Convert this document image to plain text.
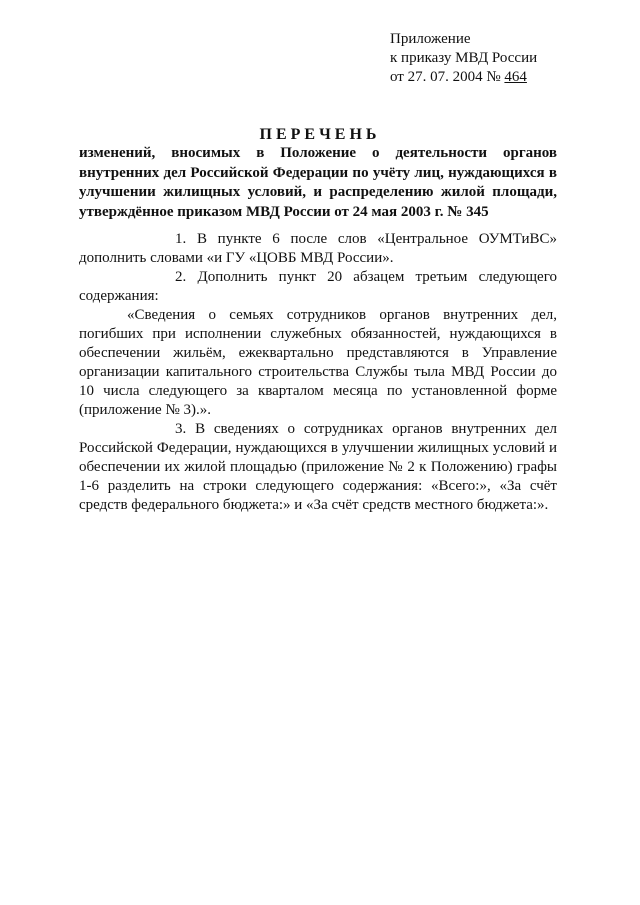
Приложение
к приказу МВД России
от 27. 07. 2004 № 464
ПЕРЕЧЕНЬ
изменений, вносимых в Положение о деятельности органов внутренних дел Российской Федерации по учёту лиц, нуждающихся в улучшении жилищных условий, и распределению жилой площади, утверждённое приказом МВД России от 24 мая 2003 г. № 345

1. В пункте 6 после слов «Центральное ОУМТиВС» дополнить словами «и ГУ «ЦОВБ МВД России».

2. Дополнить пункт 20 абзацем третьим следующего содержания:

«Сведения о семьях сотрудников органов внутренних дел, погибших при исполнении служебных обязанностей, нуждающихся в обеспечении жильём, ежеквартально представляются в Управление организации капитального строительства Службы тыла МВД России до 10 числа следующего за кварталом месяца по установленной форме (приложение № 3).».

3. В сведениях о сотрудниках органов внутренних дел Российской Федерации, нуждающихся в улучшении жилищных условий и обеспечении их жилой площадью (приложение № 2 к Положению) графы 1-6 разделить на строки следующего содержания: «Всего:», «За счёт средств федерального бюджета:» и «За счёт средств местного бюджета:».
